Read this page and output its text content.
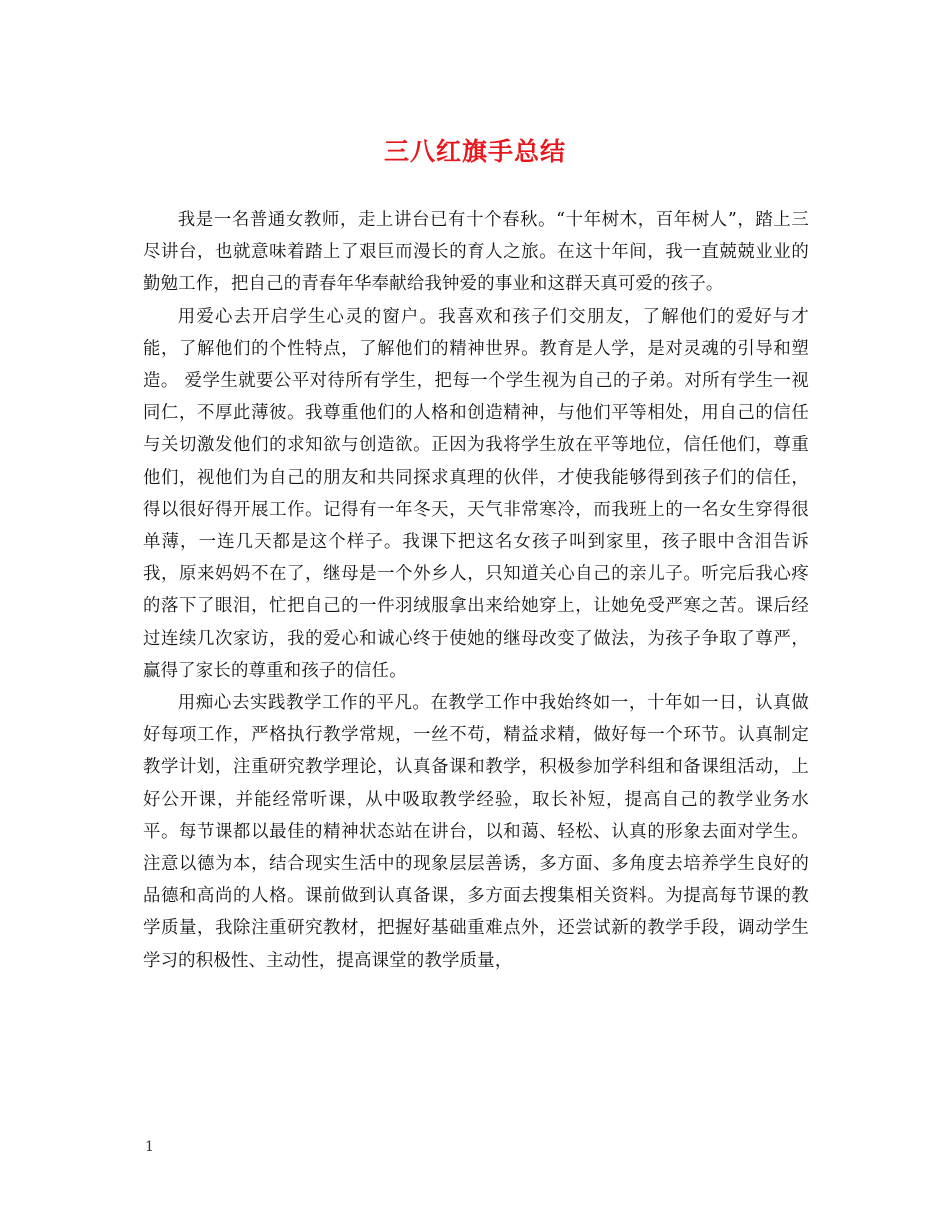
三八红旗手总结

我是一名普通女教师，走上讲台已有十个春秋。“十年树木，百年树人”，踏上三尽讲台，也就意味着踏上了艰巨而漫长的育人之旅。在这十年间，我一直兢兢业业的勤勉工作，把自己的青春年华奉献给我钟爱的事业和这群天真可爱的孩子。

用爱心去开启学生心灵的窗户。我喜欢和孩子们交朋友，了解他们的爱好与才能，了解他们的个性特点，了解他们的精神世界。教育是人学，是对灵魂的引导和塑造。 爱学生就要公平对待所有学生，把每一个学生视为自己的子弟。对所有学生一视同仁，不厚此薄彼。我尊重他们的人格和创造精神，与他们平等相处，用自己的信任与关切激发他们的求知欲与创造欲。正因为我将学生放在平等地位，信任他们，尊重他们，视他们为自己的朋友和共同探求真理的伙伴，才使我能够得到孩子们的信任，得以很好得开展工作。记得有一年冬天，天气非常寒冷，而我班上的一名女生穿得很单薄，一连几天都是这个样子。我课下把这名女孩子叫到家里，孩子眼中含泪告诉我，原来妈妈不在了，继母是一个外乡人，只知道关心自己的亲儿子。听完后我心疼的落下了眼泪，忙把自己的一件羽绒服拿出来给她穿上，让她免受严寒之苦。课后经过连续几次家访，我的爱心和诚心终于使她的继母改变了做法，为孩子争取了尊严，赢得了家长的尊重和孩子的信任。

用痴心去实践教学工作的平凡。在教学工作中我始终如一，十年如一日，认真做好每项工作，严格执行教学常规，一丝不苟，精益求精，做好每一个环节。认真制定教学计划，注重研究教学理论，认真备课和教学，积极参加学科组和备课组活动，上好公开课，并能经常听课，从中吸取教学经验，取长补短，提高自己的教学业务水平。每节课都以最佳的精神状态站在讲台，以和蔼、轻松、认真的形象去面对学生。注意以德为本，结合现实生活中的现象层层善诱，多方面、多角度去培养学生良好的品德和高尚的人格。课前做到认真备课，多方面去搜集相关资料。为提高每节课的教学质量，我除注重研究教材，把握好基础重难点外，还尝试新的教学手段，调动学生学习的积极性、主动性，提高课堂的教学质量，

1
